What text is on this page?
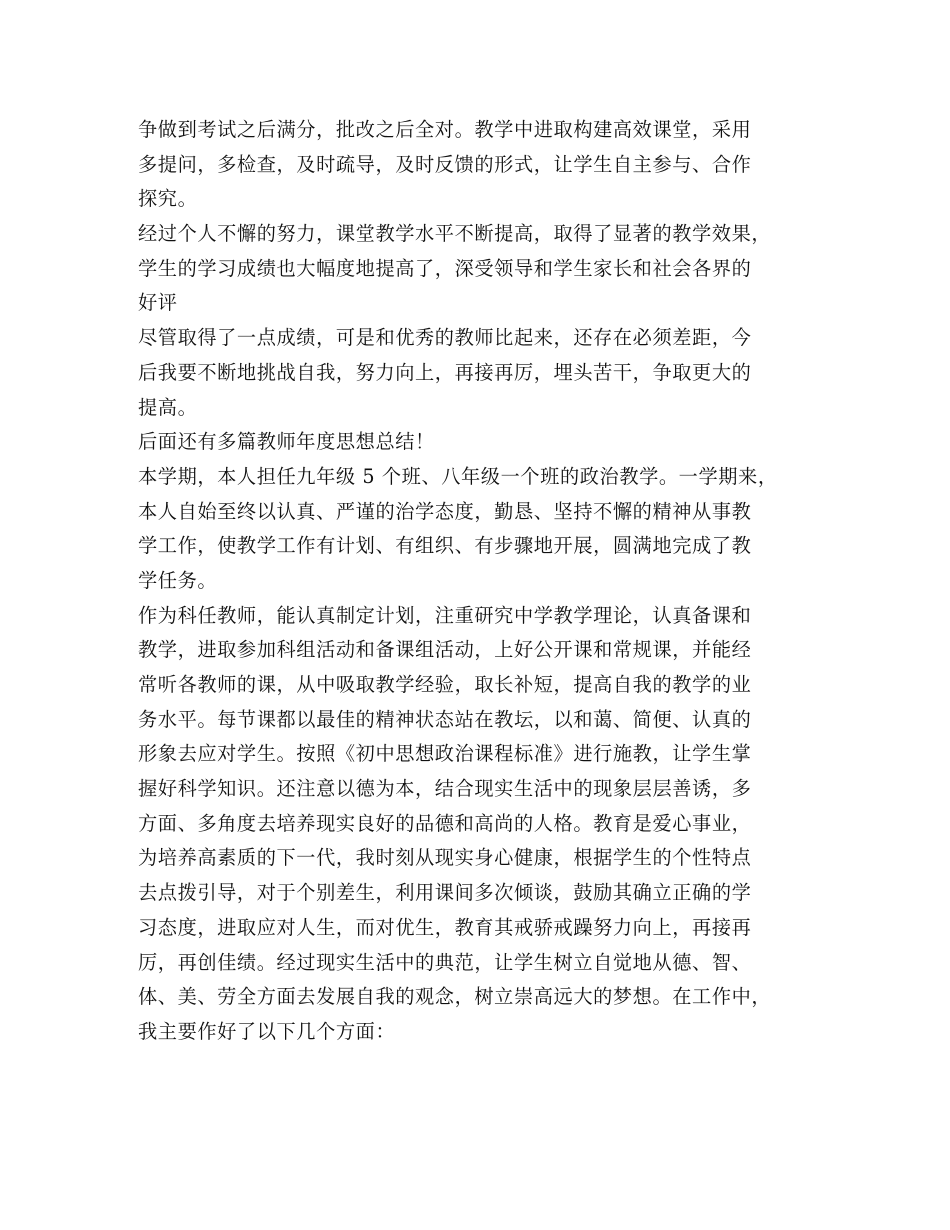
争做到考试之后满分，批改之后全对。教学中进取构建高效课堂，采用
多提问，多检查，及时疏导，及时反馈的形式，让学生自主参与、合作
探究。
经过个人不懈的努力，课堂教学水平不断提高，取得了显著的教学效果，
学生的学习成绩也大幅度地提高了，深受领导和学生家长和社会各界的
好评
尽管取得了一点成绩，可是和优秀的教师比起来，还存在必须差距，今
后我要不断地挑战自我，努力向上，再接再厉，埋头苦干，争取更大的
提高。
后面还有多篇教师年度思想总结！
本学期，本人担任九年级 5 个班、八年级一个班的政治教学。一学期来，
本人自始至终以认真、严谨的治学态度，勤恳、坚持不懈的精神从事教
学工作，使教学工作有计划、有组织、有步骤地开展，圆满地完成了教
学任务。
作为科任教师，能认真制定计划，注重研究中学教学理论，认真备课和
教学，进取参加科组活动和备课组活动，上好公开课和常规课，并能经
常听各教师的课，从中吸取教学经验，取长补短，提高自我的教学的业
务水平。每节课都以最佳的精神状态站在教坛，以和蔼、简便、认真的
形象去应对学生。按照《初中思想政治课程标准》进行施教，让学生掌
握好科学知识。还注意以德为本，结合现实生活中的现象层层善诱，多
方面、多角度去培养现实良好的品德和高尚的人格。教育是爱心事业，
为培养高素质的下一代，我时刻从现实身心健康，根据学生的个性特点
去点拨引导，对于个别差生，利用课间多次倾谈，鼓励其确立正确的学
习态度，进取应对人生，而对优生，教育其戒骄戒躁努力向上，再接再
厉，再创佳绩。经过现实生活中的典范，让学生树立自觉地从德、智、
体、美、劳全方面去发展自我的观念，树立崇高远大的梦想。在工作中，
我主要作好了以下几个方面：
